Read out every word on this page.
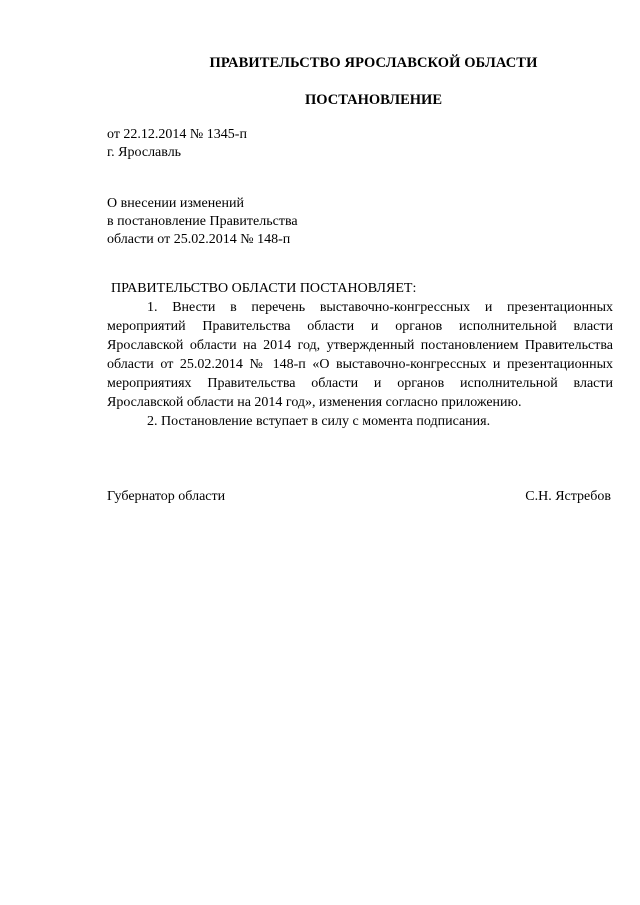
ПРАВИТЕЛЬСТВО ЯРОСЛАВСКОЙ ОБЛАСТИ
ПОСТАНОВЛЕНИЕ
от 22.12.2014 № 1345-п
г. Ярославль
О внесении изменений
в постановление Правительства
области от 25.02.2014 № 148-п
ПРАВИТЕЛЬСТВО ОБЛАСТИ ПОСТАНОВЛЯЕТ:

1. Внести в перечень выставочно-конгрессных и презентационных мероприятий Правительства области и органов исполнительной власти Ярославской области на 2014 год, утвержденный постановлением Правительства области от 25.02.2014 № 148-п «О выставочно-конгрессных и презентационных мероприятиях Правительства области и органов исполнительной власти Ярославской области на 2014 год», изменения согласно приложению.

2. Постановление вступает в силу с момента подписания.

Губернатор области	С.Н. Ястребов
